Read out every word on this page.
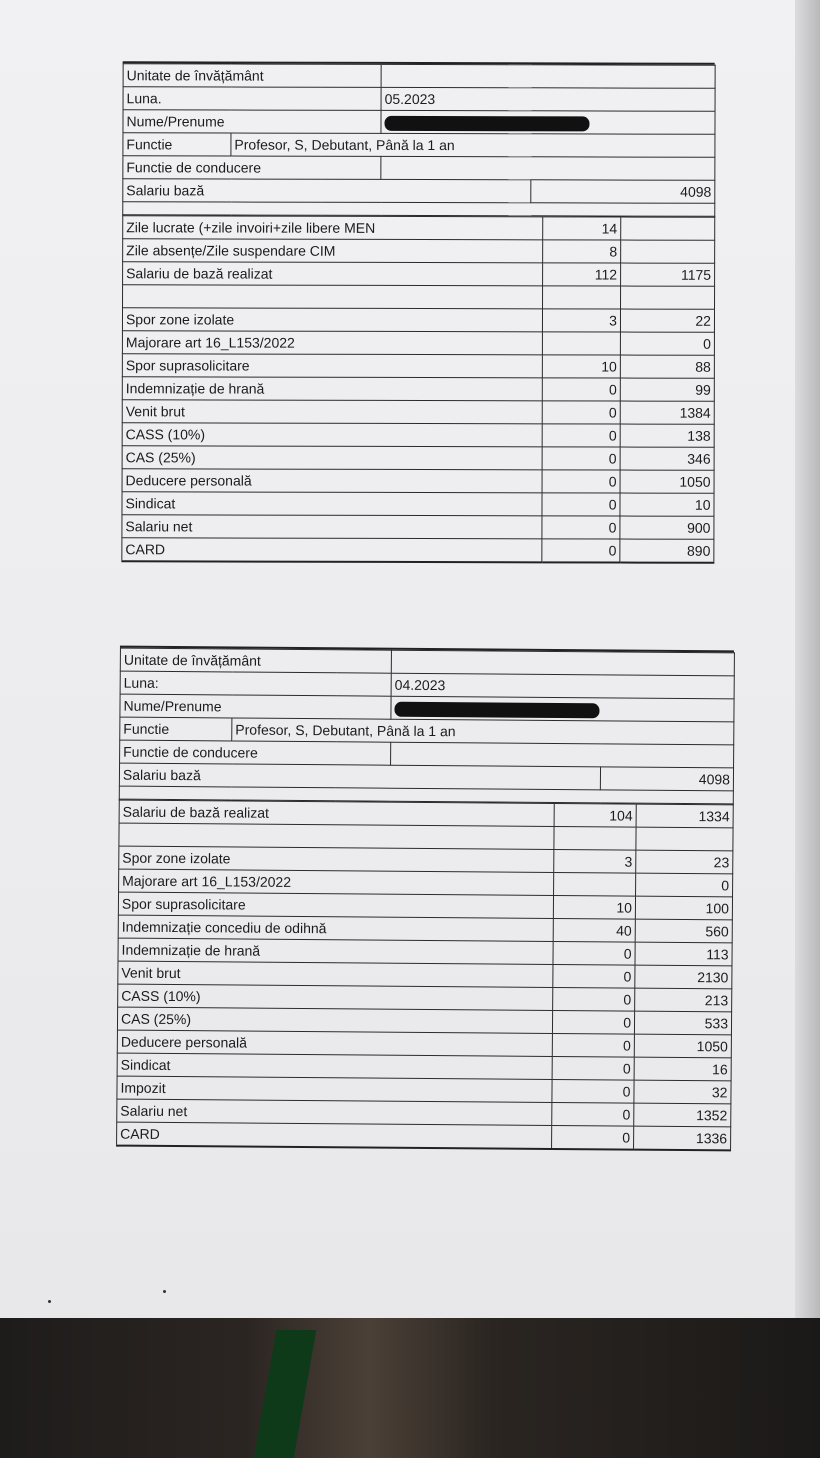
Unitate de învățământ			
Luna.		05.2023	
Nume/Prenume			
Functie	Profesor, S, Debutant, Până la 1 an		
Functie de conducere			
Salariu bază			4098

Zile lucrate (+zile invoiri+zile libere MEN	14	
Zile absențe/Zile suspendare CIM	8	
Salariu de bază realizat	112	1175

Spor zone izolate	3	22
Majorare art 16_L153/2022		0
Spor suprasolicitare	10	88
Indemnizație de hrană	0	99
Venit brut	0	1384
CASS (10%)	0	138
CAS (25%)	0	346
Deducere personală	0	1050
Sindicat	0	10
Salariu net	0	900
CARD	0	890
Unitate de învățământ			
Luna:		04.2023	
Nume/Prenume			
Functie	Profesor, S, Debutant, Până la 1 an		
Functie de conducere			
Salariu bază			4098

Salariu de bază realizat	104	1334

Spor zone izolate	3	23
Majorare art 16_L153/2022		0
Spor suprasolicitare	10	100
Indemnizație concediu de odihnă	40	560
Indemnizație de hrană	0	113
Venit brut	0	2130
CASS (10%)	0	213
CAS (25%)	0	533
Deducere personală	0	1050
Sindicat	0	16
Impozit	0	32
Salariu net	0	1352
CARD	0	1336
